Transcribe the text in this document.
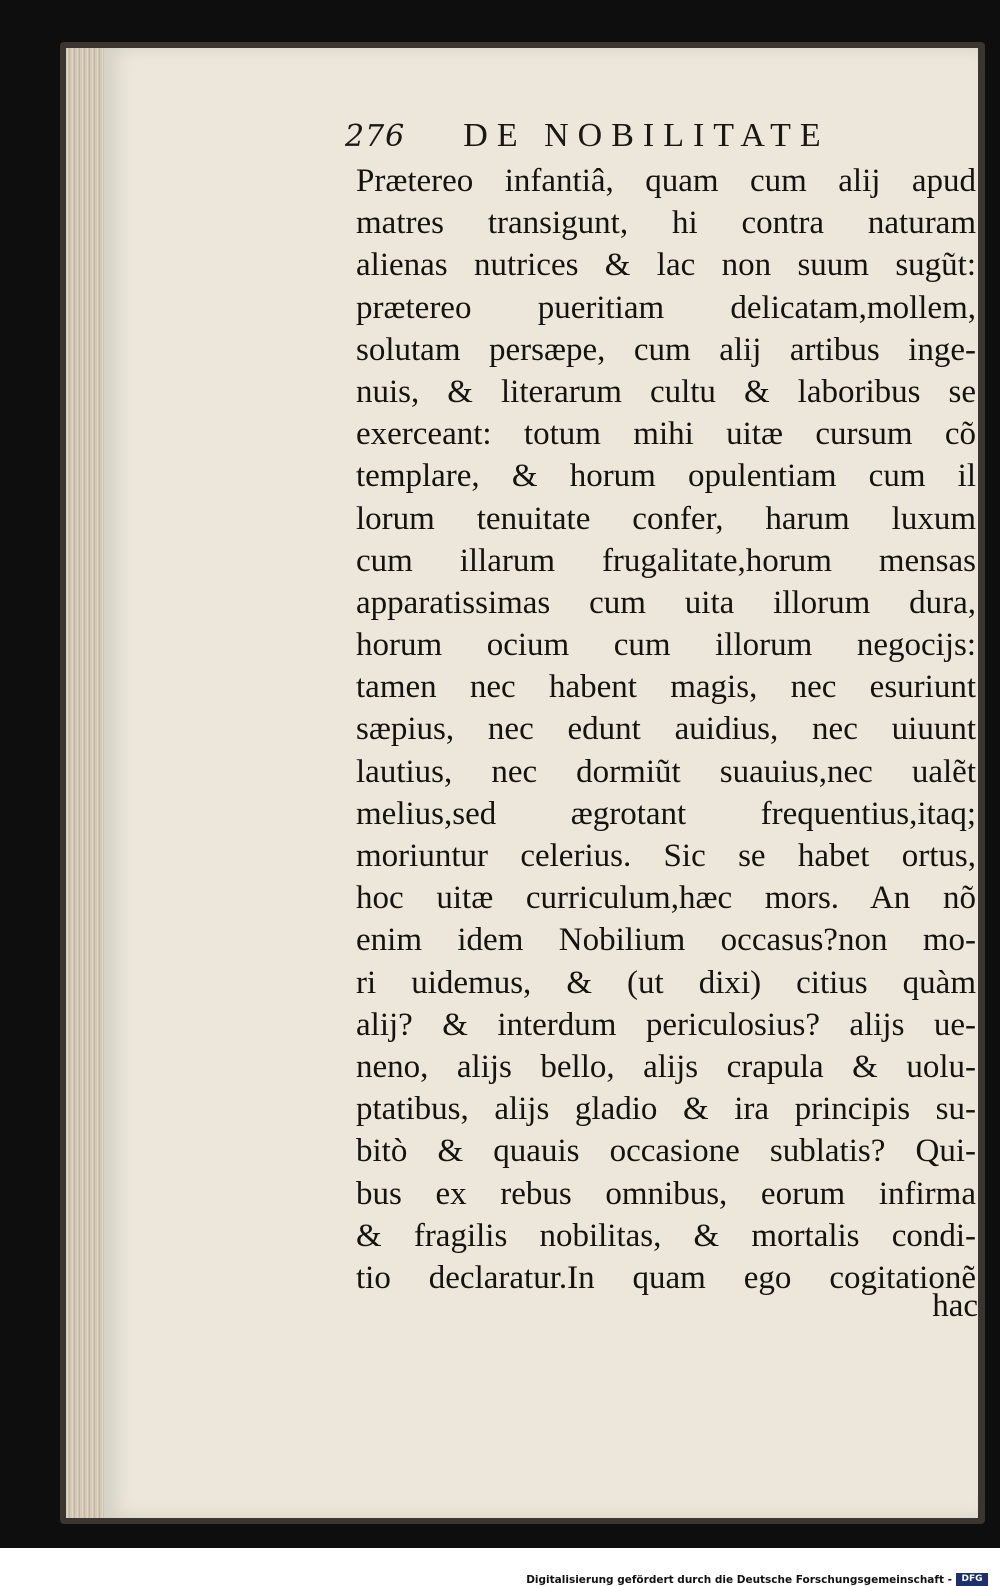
276 DE NOBILITATE
Prætereo infantiâ, quam cum alij apud
matres transigunt, hi contra naturam
alienas nutrices & lac non suum sugũt:
prætereo pueritiam delicatam,mollem,
solutam persæpe, cum alij artibus inge-
nuis, & literarum cultu & laboribus se
exerceant: totum mihi uitæ cursum cõ
templare, & horum opulentiam cum il
lorum tenuitate confer, harum luxum
cum illarum frugalitate,horum mensas
apparatissimas cum uita illorum dura,
horum ocium cum illorum negocijs:
tamen nec habent magis, nec esuriunt
sæpius, nec edunt auidius, nec uiuunt
lautius, nec dormiũt suauius,nec ualẽt
melius,sed ægrotant frequentius,itaq;
moriuntur celerius. Sic se habet ortus,
hoc uitæ curriculum,hæc mors. An nõ
enim idem Nobilium occasus?non mo-
ri uidemus, & (ut dixi) citius quàm
alij? & interdum periculosius? alijs ue-
neno, alijs bello, alijs crapula & uolu-
ptatibus, alijs gladio & ira principis su-
bitò & quauis occasione sublatis? Qui-
bus ex rebus omnibus, eorum infirma
& fragilis nobilitas, & mortalis condi-
tio declaratur.In quam ego cogitationẽ
hac
Digitalisierung gefördert durch die Deutsche Forschungsgemeinschaft -	DFG
